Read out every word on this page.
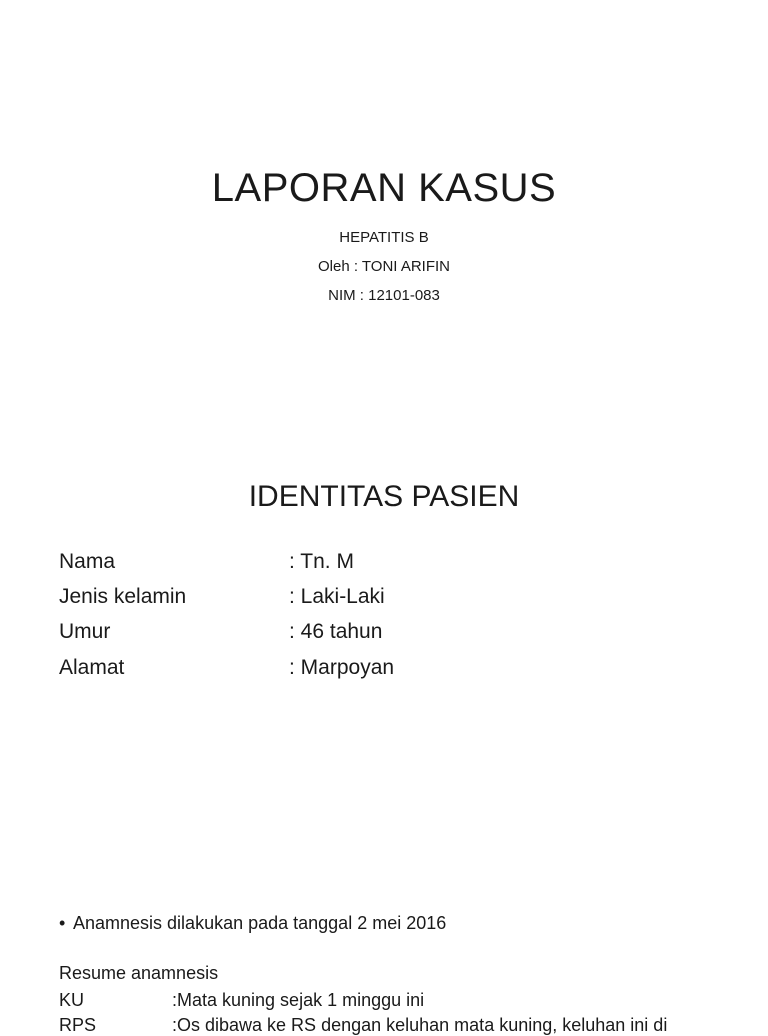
LAPORAN KASUS
HEPATITIS B
Oleh : TONI ARIFIN
NIM : 12101-083
IDENTITAS PASIEN
Nama	: Tn. M
Jenis kelamin	: Laki-Laki
Umur	: 46 tahun
Alamat	: Marpoyan
• Anamnesis dilakukan pada tanggal 2 mei 2016
Resume anamnesis
KU	:Mata kuning sejak 1 minggu ini
RPS	:Os dibawa ke RS dengan keluhan mata kuning, keluhan ini di
